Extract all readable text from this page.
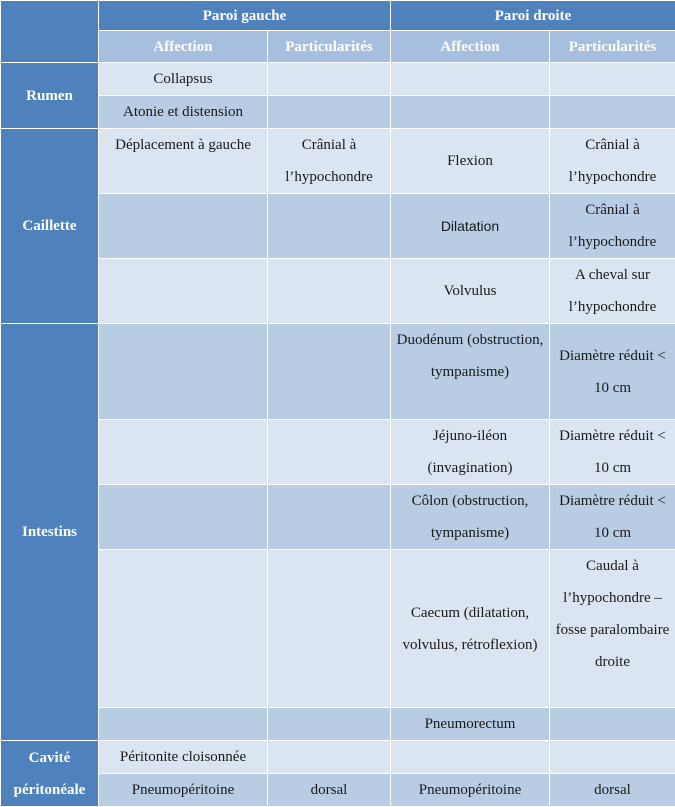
	Paroi gauche		Paroi droite	
	Affection	Particularités	Affection	Particularités
Rumen	Collapsus			
	Atonie et distension			
Caillette	Déplacement à gauche	Crânial à l’hypochondre	Flexion	Crânial à l’hypochondre
			Dilatation	Crânial à l’hypochondre
			Volvulus	A cheval sur l’hypochondre
Intestins			Duodénum (obstruction, tympanisme)	Diamètre réduit < 10 cm
			Jéjuno-iléon (invagination)	Diamètre réduit < 10 cm
			Côlon (obstruction, tympanisme)	Diamètre réduit < 10 cm
			Caecum (dilatation, volvulus, rétroflexion)	Caudal à l’hypochondre – fosse paralombaire droite
			Pneumorectum	
Cavité péritonéale	Péritonite cloisonnée			
	Pneumopéritoine	dorsal	Pneumopéritoine	dorsal
